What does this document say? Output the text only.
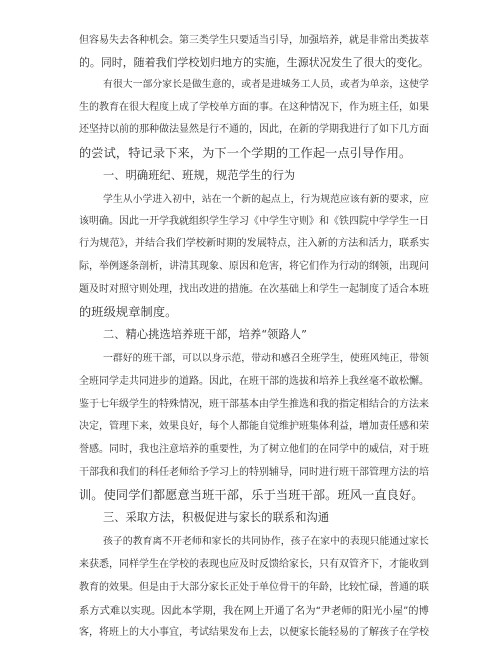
但容易失去各种机会。第三类学生只要适当引导，加强培养，就是非常出类拔萃
的。同时，随着我们学校划归地方的实施，生源状况发生了很大的变化。
有很大一部分家长是做生意的，或者是进城务工人员，或者为单亲，这使学
生的教育在很大程度上成了学校单方面的事。在这种情况下，作为班主任，如果
还坚持以前的那种做法显然是行不通的，因此，在新的学期我进行了如下几方面
的尝试，特记录下来，为下一个学期的工作起一点引导作用。
一、明确班纪、班规，规范学生的行为
学生从小学进入初中，站在一个新的起点上，行为规范应该有新的要求，应
该明确。因此一开学我就组织学生学习《中学生守则》和《铁四院中学学生一日
行为规范》，并结合我们学校新时期的发展特点，注入新的方法和活力，联系实
际，举例逐条剖析，讲清其现象、原因和危害，将它们作为行动的纲领，出现问
题及时对照守则处理，找出改进的措施。在次基础上和学生一起制度了适合本班
的班级规章制度。
二、精心挑选培养班干部，培养“领路人”
一群好的班干部，可以以身示范，带动和感召全班学生，使班风纯正，带领
全班同学走共同进步的道路。因此，在班干部的选拔和培养上我丝毫不敢松懈。
鉴于七年级学生的特殊情况，班干部基本由学生推选和我的指定相结合的方法来
决定，管理下来，效果良好，每个人都能自觉维护班集体利益，增加责任感和荣
誉感。同时，我也注意培养的重要性，为了树立他们的在同学中的威信，对于班
干部我和我们的科任老师给予学习上的特别辅导，同时进行班干部管理方法的培
训。使同学们都愿意当班干部，乐于当班干部。班风一直良好。
三、采取方法，积极促进与家长的联系和沟通
孩子的教育离不开老师和家长的共同协作，孩子在家中的表现只能通过家长
来获悉，同样学生在学校的表现也应及时反馈给家长，只有双管齐下，才能收到
教育的效果。但是由于大部分家长正处于单位骨干的年龄，比较忙碌，普通的联
系方式难以实现。因此本学期，我在网上开通了名为“尹老师的阳光小屋”的博
客，将班上的大小事宜，考试结果发布上去，以便家长能轻易的了解孩子在学校
